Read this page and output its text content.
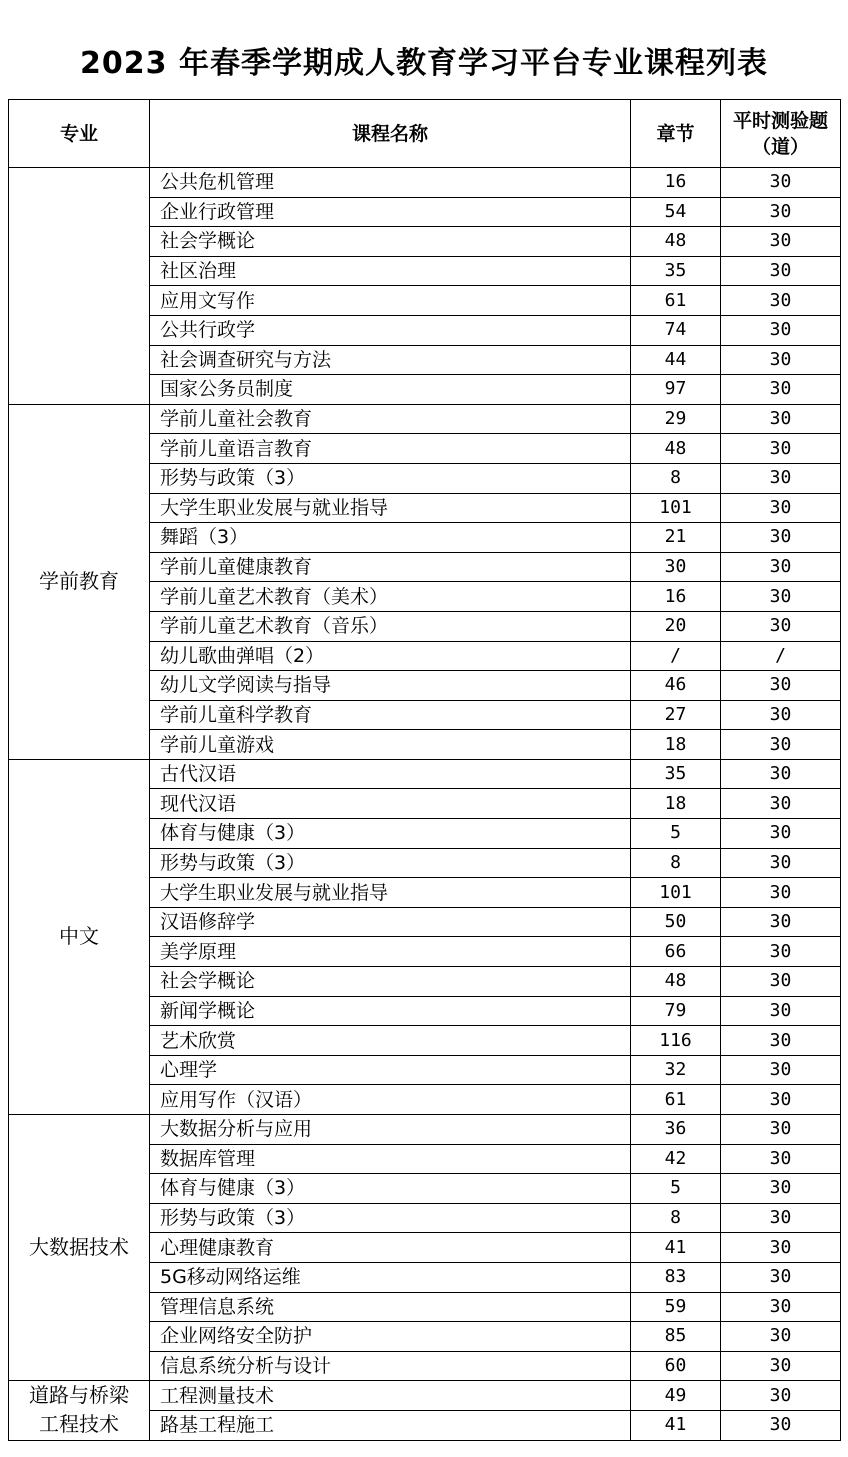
2023 年春季学期成人教育学习平台专业课程列表
专业	课程名称	章节	平时测验题（道）
	公共危机管理	16	30
	企业行政管理	54	30
	社会学概论	48	30
	社区治理	35	30
	应用文写作	61	30
	公共行政学	74	30
	社会调查研究与方法	44	30
	国家公务员制度	97	30
学前教育	学前儿童社会教育	29	30
	学前儿童语言教育	48	30
	形势与政策（3）	8	30
	大学生职业发展与就业指导	101	30
	舞蹈（3）	21	30
	学前儿童健康教育	30	30
	学前儿童艺术教育（美术）	16	30
	学前儿童艺术教育（音乐）	20	30
	幼儿歌曲弹唱（2）	/	/
	幼儿文学阅读与指导	46	30
	学前儿童科学教育	27	30
	学前儿童游戏	18	30
中文	古代汉语	35	30
	现代汉语	18	30
	体育与健康（3）	5	30
	形势与政策（3）	8	30
	大学生职业发展与就业指导	101	30
	汉语修辞学	50	30
	美学原理	66	30
	社会学概论	48	30
	新闻学概论	79	30
	艺术欣赏	116	30
	心理学	32	30
	应用写作（汉语）	61	30
大数据技术	大数据分析与应用	36	30
	数据库管理	42	30
	体育与健康（3）	5	30
	形势与政策（3）	8	30
	心理健康教育	41	30
	5G移动网络运维	83	30
	管理信息系统	59	30
	企业网络安全防护	85	30
	信息系统分析与设计	60	30
道路与桥梁工程技术	工程测量技术	49	30
	路基工程施工	41	30
